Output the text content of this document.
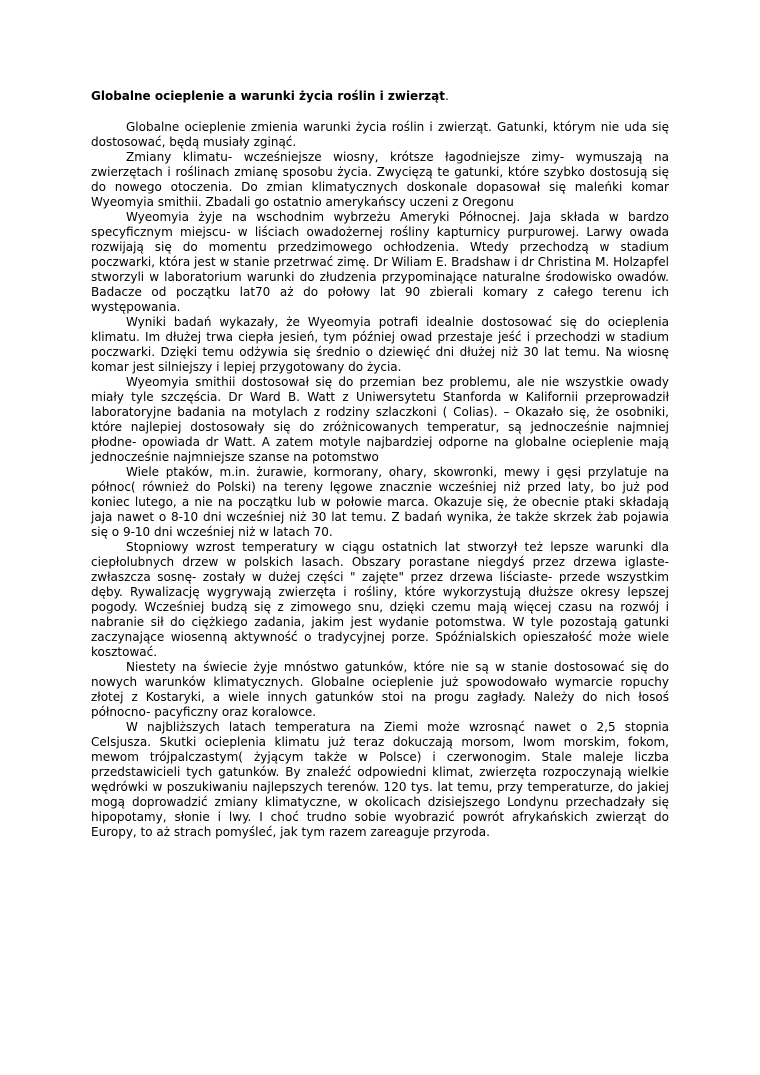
Globalne ocieplenie a warunki życia roślin i zwierząt.

Globalne ocieplenie zmienia warunki życia roślin i zwierząt. Gatunki, którym nie uda się dostosować, będą musiały zginąć.

Zmiany klimatu- wcześniejsze wiosny, krótsze łagodniejsze zimy- wymuszają na zwierzętach i roślinach zmianę sposobu życia. Zwycięzą te gatunki, które szybko dostosują się do nowego otoczenia. Do zmian klimatycznych doskonale dopasował się maleńki komar Wyeomyia smithii. Zbadali go ostatnio amerykańscy uczeni z Oregonu

Wyeomyia żyje na wschodnim wybrzeżu Ameryki Północnej. Jaja składa w bardzo specyficznym miejscu- w liściach owadożernej rośliny kapturnicy purpurowej. Larwy owada rozwijają się do momentu przedzimowego ochłodzenia. Wtedy przechodzą w stadium poczwarki, która jest w stanie przetrwać zimę. Dr Wiliam E. Bradshaw i dr Christina M. Holzapfel stworzyli w laboratorium warunki do złudzenia przypominające naturalne środowisko owadów. Badacze od początku lat70 aż do połowy lat 90 zbierali komary z całego terenu ich występowania.

Wyniki badań wykazały, że Wyeomyia potrafi idealnie dostosować się do ocieplenia klimatu. Im dłużej trwa ciepła jesień, tym później owad przestaje jeść i przechodzi w stadium poczwarki. Dzięki temu odżywia się średnio o dziewięć dni dłużej niż 30 lat temu. Na wiosnę komar jest silniejszy i lepiej przygotowany do życia.

Wyeomyia smithii dostosował się do przemian bez problemu, ale nie wszystkie owady miały tyle szczęścia. Dr Ward B. Watt z Uniwersytetu Stanforda w Kalifornii przeprowadził laboratoryjne badania na motylach z rodziny szlaczkoni ( Colias). – Okazało się, że osobniki, które najlepiej dostosowały się do zróżnicowanych temperatur, są jednocześnie najmniej płodne- opowiada dr Watt. A zatem motyle najbardziej odporne na globalne ocieplenie mają jednocześnie najmniejsze szanse na potomstwo

Wiele ptaków, m.in. żurawie, kormorany, ohary, skowronki, mewy i gęsi przylatuje na północ( również do Polski) na tereny lęgowe znacznie wcześniej niż przed laty, bo już pod koniec lutego, a nie na początku lub w połowie marca. Okazuje się, że obecnie ptaki składają jaja nawet o 8-10 dni wcześniej niż 30 lat temu. Z badań wynika, że także skrzek żab pojawia się o 9-10 dni wcześniej niż w latach 70.

Stopniowy wzrost temperatury w ciągu ostatnich lat stworzył też lepsze warunki dla ciepłolubnych drzew w polskich lasach. Obszary porastane niegdyś przez drzewa iglaste- zwłaszcza sosnę- zostały w dużej części " zajęte" przez drzewa liściaste- przede wszystkim dęby. Rywalizację wygrywają zwierzęta i rośliny, które wykorzystują dłuższe okresy lepszej pogody. Wcześniej budzą się z zimowego snu, dzięki czemu mają więcej czasu na rozwój i nabranie sił do ciężkiego zadania, jakim jest wydanie potomstwa. W tyle pozostają gatunki zaczynające wiosenną aktywność o tradycyjnej porze. Spóźnialskich opieszałość może wiele kosztować.

Niestety na świecie żyje mnóstwo gatunków, które nie są w stanie dostosować się do nowych warunków klimatycznych. Globalne ocieplenie już spowodowało wymarcie ropuchy złotej z Kostaryki, a wiele innych gatunków stoi na progu zagłady. Należy do nich łosoś północno- pacyficzny oraz koralowce.

W najbliższych latach temperatura na Ziemi może wzrosnąć nawet o 2,5 stopnia Celsjusza. Skutki ocieplenia klimatu już teraz dokuczają morsom, lwom morskim, fokom, mewom trójpalczastym( żyjącym także w Polsce) i czerwonogim. Stale maleje liczba przedstawicieli tych gatunków. By znaleźć odpowiedni klimat, zwierzęta rozpoczynają wielkie wędrówki w poszukiwaniu najlepszych terenów. 120 tys. lat temu, przy temperaturze, do jakiej mogą doprowadzić zmiany klimatyczne, w okolicach dzisiejszego Londynu przechadzały się hipopotamy, słonie i lwy. I choć trudno sobie wyobrazić powrót afrykańskich zwierząt do Europy, to aż strach pomyśleć, jak tym razem zareaguje przyroda.
